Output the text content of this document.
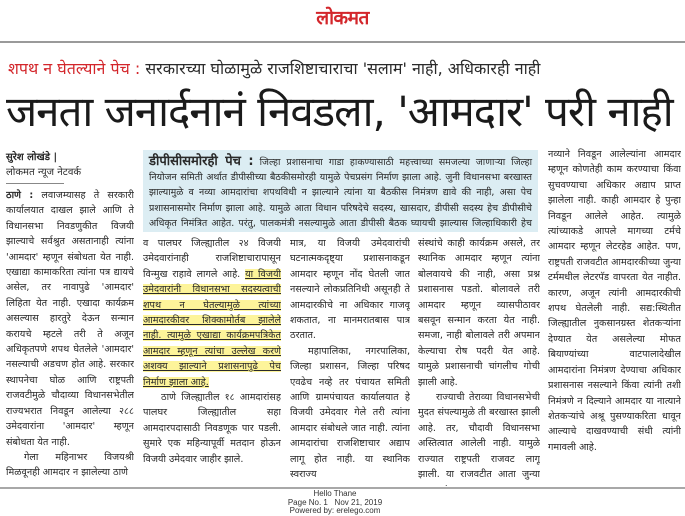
लोकमत
शपथ न घेतल्याने पेच : सरकारच्या घोळामुळे राजशिष्टाचाराचा 'सलाम' नाही, अधिकारही नाही
जनता जनार्दनानं निवडला, 'आमदार' परी नाही
सुरेश लोखंडे |
लोकमत न्यूज नेटवर्क

ठाणे : लवाजम्यासह ते सरकारी कार्यालयात दाखल झाले आणि ते विधानसभा निवडणुकीत विजयी झाल्याचे सर्वश्रुत असतानाही त्यांना 'आमदार' म्हणून संबोधता येत नाही. एखाद्या कामाकरिता त्यांना पत्र द्यायचे असेल, तर नावापुढे 'आमदार' लिहिता येत नाही. एखादा कार्यक्रम असल्यास हारतुरे देऊन सन्मान करायचे म्हटले तरी ते अजून अधिकृतपणे शपथ घेतलेले 'आमदार' नसल्याची अडचण होत आहे. सरकार स्थापनेचा घोळ आणि राष्ट्रपती राजवटीमुळे चौदाव्या विधानसभेतील राज्यभरात निवडून आलेल्या २८८ उमेदवारांना 'आमदार' म्हणून संबोधता येत नाही.

गेला महिनाभर विजयश्री मिळवूनही आमदार न झालेल्या ठाणे

डीपीसीसमोरही पेच : जिल्हा प्रशासनाचा गाडा हाकण्यासाठी महत्त्वाच्या समजल्या जाणाऱ्या जिल्हा नियोजन समिती अर्थात डीपीसीच्या बैठकीसमोरही यामुळे पेचप्रसंग निर्माण झाला आहे. जुनी विधानसभा बरखास्त झाल्यामुळे व नव्या आमदारांचा शपथविधी न झाल्याने त्यांना या बैठकीस निमंत्रण द्यावे की नाही, असा पेच प्रशासनासमोर निर्माण झाला आहे. यामुळे आता विधान परिषदेचे सदस्य, खासदार, डीपीसी सदस्य हेच डीपीसीचे अधिकृत निमंत्रित आहेत. परंतु, पालकमंत्री नसल्यामुळे आता डीपीसी बैठक घ्यायची झाल्यास जिल्हाधिकारी हेच

व पालघर जिल्ह्यातील २४ विजयी उमेदवारांनाही राजशिष्टाचारापासून विन्मुख राहावे लागले आहे. या विजयी उमेदवारांनी विधानसभा सदस्यत्वाची शपथ न घेतल्यामुळे त्यांच्या आमदारकीवर शिक्कामोर्तब झालेले नाही. त्यामुळे एखाद्या कार्यक्रमपत्रिकेत आमदार म्हणून त्यांचा उल्लेख करणे अशक्य झाल्याने प्रशासनापुढे पेच निर्माण झाला आहे.

ठाणे जिल्ह्यातील १८ आमदारांसह पालघर जिल्ह्यातील सहा आमदारपदासाठी निवडणूक पार पडली. सुमारे एक महिन्यापूर्वी मतदान होऊन विजयी उमेदवार जाहीर झाले.

मात्र, या विजयी उमेदवारांची घटनात्मकदृष्ट्या प्रशासनाकडून आमदार म्हणून नोंद घेतली जात नसल्याने लोकप्रतिनिधी असूनही ते आमदारकीचे ना अधिकार गाजवू शकतात, ना मानमरातबास पात्र ठरतात.

महापालिका, नगरपालिका, जिल्हा प्रशासन, जिल्हा परिषद एवढेच नव्हे तर पंचायत समिती आणि ग्रामपंचायत कार्यालयात हे विजयी उमेदवार गेले तरी त्यांना आमदार संबोधले जात नाही. त्यांना आमदारांचा राजशिष्टाचार अद्याप लागू होत नाही. या स्थानिक स्वराज्य

संस्थांचे काही कार्यक्रम असले, तर स्थानिक आमदार म्हणून त्यांना बोलवायचे की नाही, असा प्रश्न प्रशासनास पडतो. बोलावले तरी आमदार म्हणून व्यासपीठावर बसवून सन्मान करता येत नाही. समजा, नाही बोलावले तरी अपमान केल्याचा रोष पदरी येत आहे. यामुळे प्रशासनाची चांगलीच गोची झाली आहे.

राज्याची तेराव्या विधानसभेची मुदत संपल्यामुळे ती बरखास्त झाली आहे. तर, चौदावी विधानसभा अस्तित्वात आलेली नाही. यामुळे राज्यात राष्ट्रपती राजवट लागू झाली. या राजवटीत आता जुन्या

नव्याने निवडून आलेल्यांना आमदार म्हणून कोणतेही काम करण्याचा किंवा सुचवण्याचा अधिकार अद्याप प्राप्त झालेला नाही. काही आमदार हे पुन्हा निवडून आलेले आहेत. त्यामुळे त्यांच्याकडे आपले मागच्या टर्मचे आमदार म्हणून लेटरहेड आहेत. पण, राष्ट्रपती राजवटीत आमदारकीच्या जुन्या टर्ममधील लेटरपॅड वापरता येत नाहीत. कारण, अजून त्यांनी आमदारकीची शपथ घेतलेली नाही. सद्य:स्थितीत जिल्ह्यातील नुकसानग्रस्त शेतकऱ्यांना देण्यात येत असलेल्या मोफत बियाण्यांच्या वाटपालादेखील आमदारांना निमंत्रण देण्याचा अधिकार प्रशासनास नसल्याने किंवा त्यांनी तशी निमंत्रणे न दिल्याने आमदार या नात्याने शेतकऱ्यांचे अश्रू पुसण्याकरिता धावून आल्याचे दाखवण्याची संधी त्यांनी गमावली आहे.

Hello Thane
Page No. 1 Nov 21, 2019
Powered by: erelego.com
